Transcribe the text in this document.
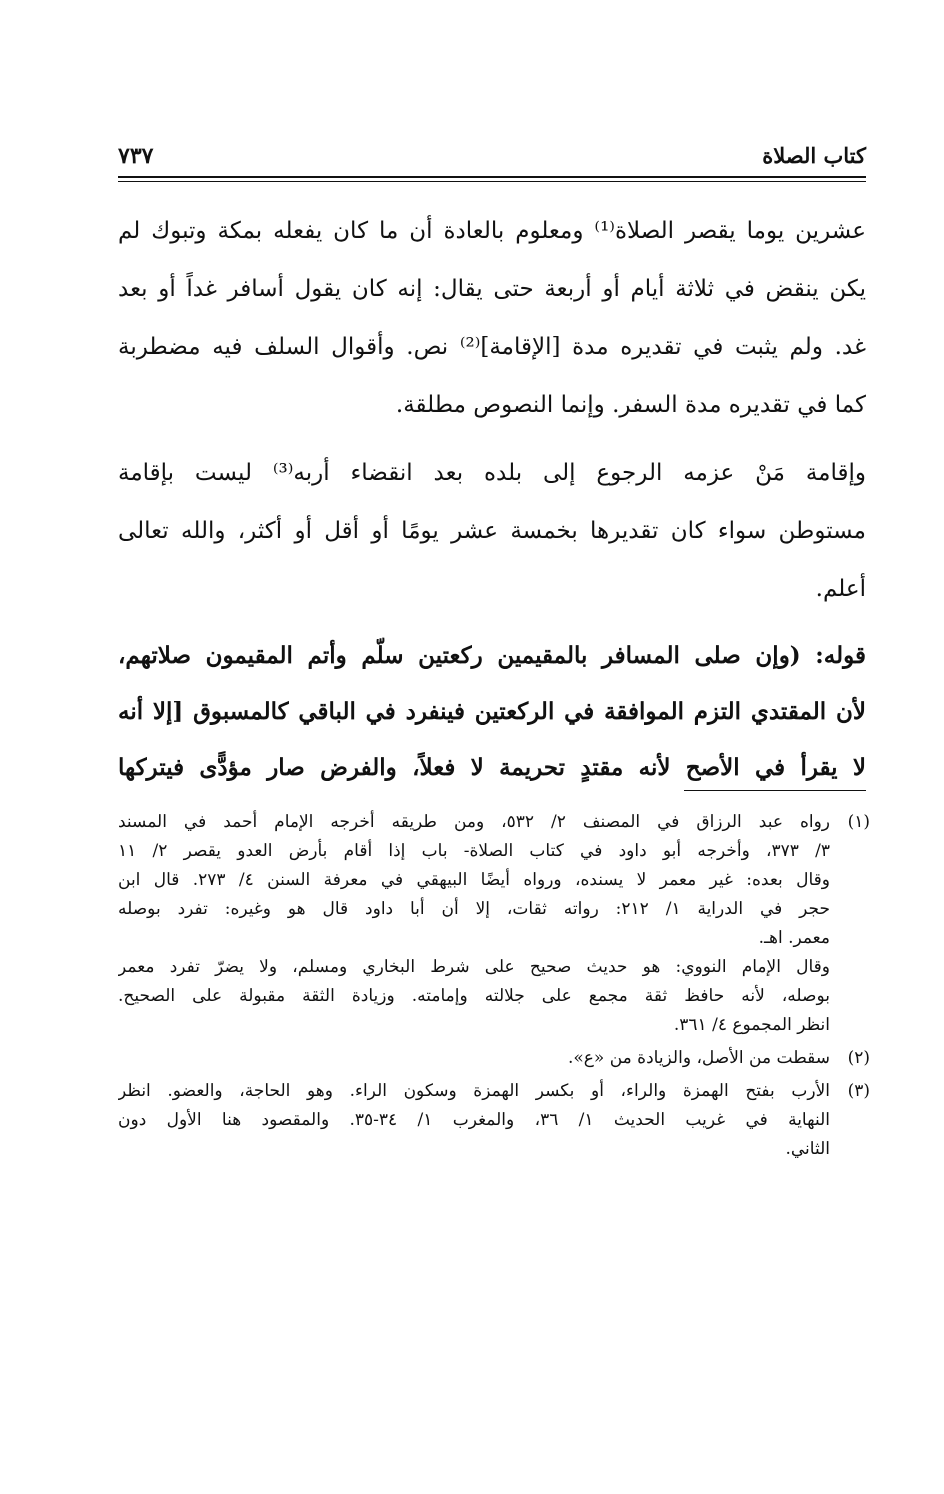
كتاب الصلاة
٧٣٧
عشرين يوما يقصر الصلاة⁽¹⁾ ومعلوم بالعادة أن ما كان يفعله بمكة وتبوك لم
يكن ينقض في ثلاثة أيام أو أربعة حتى يقال: إنه كان يقول أسافر غداً أو بعد
غد. ولم يثبت في تقديره مدة [الإقامة]⁽²⁾ نص. وأقوال السلف فيه مضطربة
كما في تقديره مدة السفر. وإنما النصوص مطلقة.
وإقامة مَنْ عزمه الرجوع إلى بلده بعد انقضاء أربه⁽³⁾ ليست بإقامة
مستوطن سواء كان تقديرها بخمسة عشر يومًا أو أقل أو أكثر، والله تعالى
أعلم.
قوله: (وإن صلى المسافر بالمقيمين ركعتين سلّم وأتم المقيمون صلاتهم،
لأن المقتدي التزم الموافقة في الركعتين فينفرد في الباقي كالمسبوق [إلا أنه
لا يقرأ في الأصح لأنه مقتدٍ تحريمة لا فعلاً، والفرض صار مؤدًّى فيتركها
(١)
رواه عبد الرزاق في المصنف ٢/ ٥٣٢، ومن طريقه أخرجه الإمام أحمد في المسند
٣/ ٣٧٣، وأخرجه أبو داود في كتاب الصلاة- باب إذا أقام بأرض العدو يقصر ٢/ ١١
وقال بعده: غير معمر لا يسنده، ورواه أيضًا البيهقي في معرفة السنن ٤/ ٢٧٣. قال ابن
حجر في الدراية ١/ ٢١٢: رواته ثقات، إلا أن أبا داود قال هو وغيره: تفرد بوصله
معمر. اهـ.
وقال الإمام النووي: هو حديث صحيح على شرط البخاري ومسلم، ولا يضرّ تفرد معمر
بوصله، لأنه حافظ ثقة مجمع على جلالته وإمامته. وزيادة الثقة مقبولة على الصحيح.
انظر المجموع ٤/ ٣٦١.
(٢)
سقطت من الأصل، والزيادة من «ع».
(٣)
الأرب بفتح الهمزة والراء، أو بكسر الهمزة وسكون الراء. وهو الحاجة، والعضو. انظر
النهاية في غريب الحديث ١/ ٣٦، والمغرب ١/ ٣٤-٣٥. والمقصود هنا الأول دون
الثاني.
